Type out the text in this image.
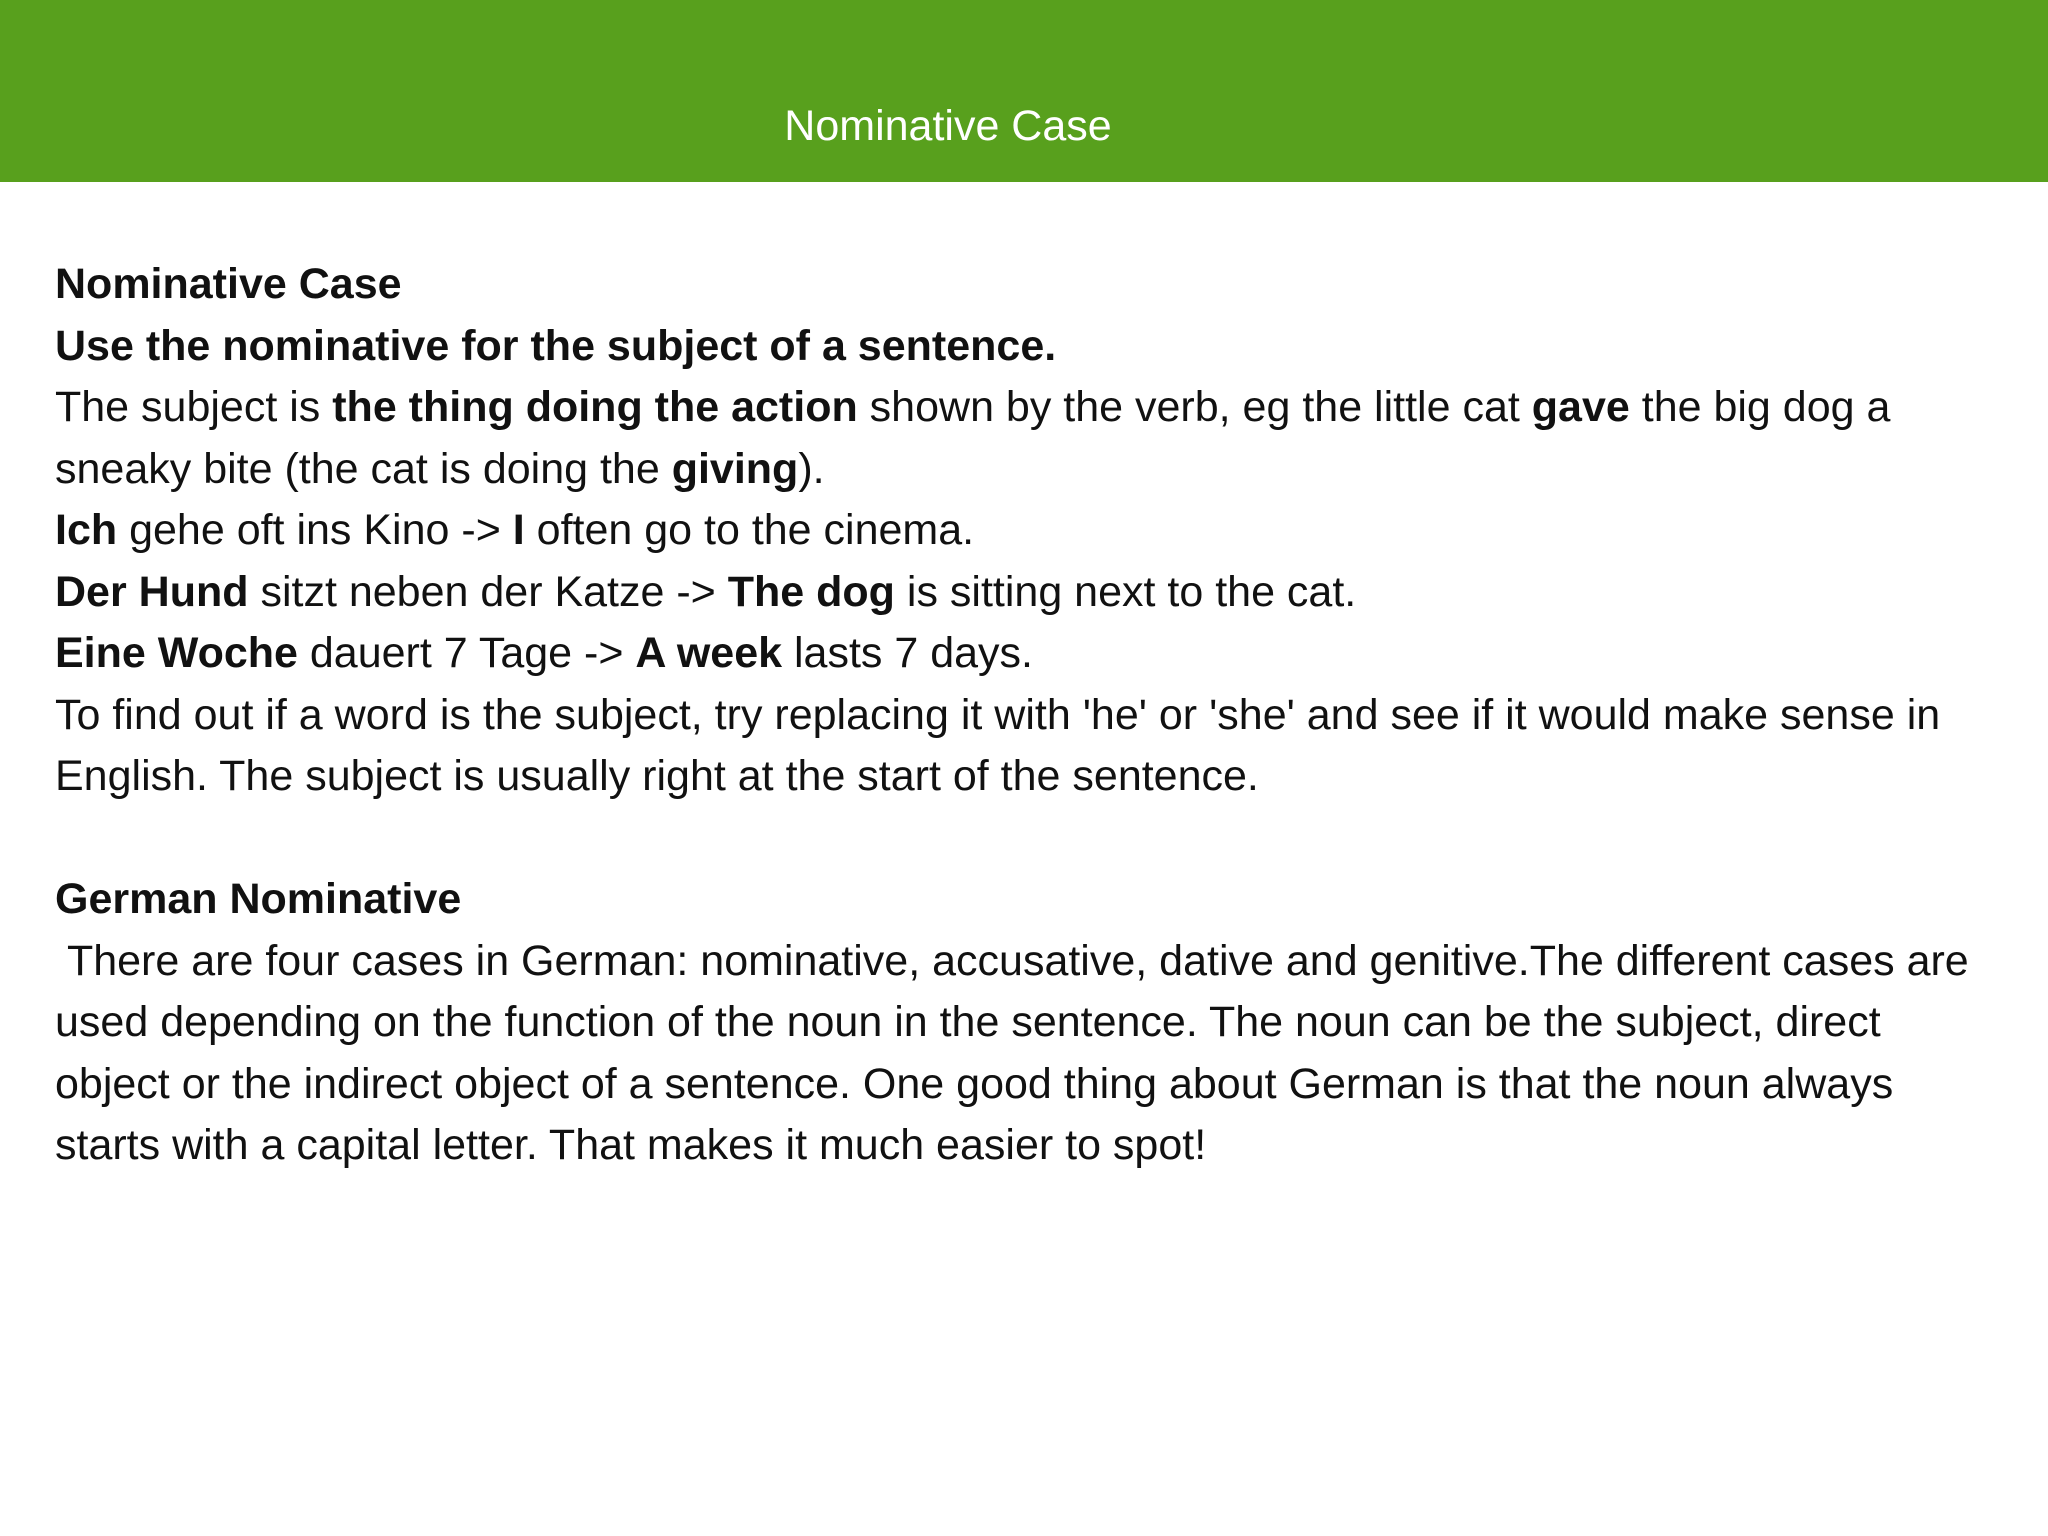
Nominative Case

Nominative Case

Use the nominative for the subject of a sentence.

The subject is the thing doing the action shown by the verb, eg the little cat gave the big dog a sneaky bite (the cat is doing the giving).

Ich gehe oft ins Kino -> I often go to the cinema.

Der Hund sitzt neben der Katze -> The dog is sitting next to the cat.

Eine Woche dauert 7 Tage -> A week lasts 7 days.

To find out if a word is the subject, try replacing it with 'he' or 'she' and see if it would make sense in English. The subject is usually right at the start of the sentence.

German Nominative

There are four cases in German: nominative, accusative, dative and genitive.The different cases are used depending on the function of the noun in the sentence. The noun can be the subject, direct object or the indirect object of a sentence. One good thing about German is that the noun always starts with a capital letter. That makes it much easier to spot!
